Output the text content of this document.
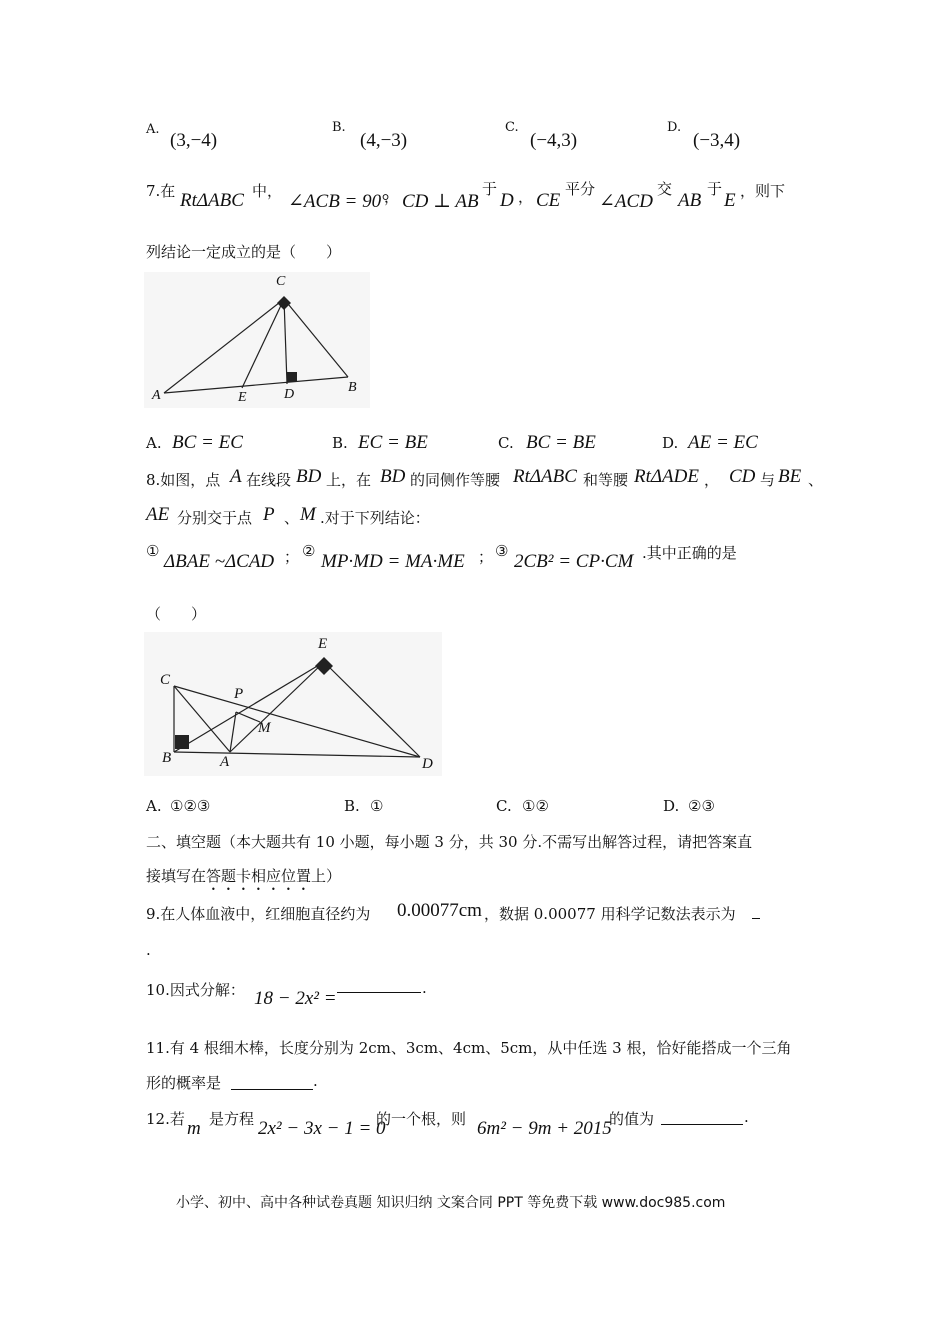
A.
(3,−4)
B.
(4,−3)
C.
(−4,3)
D.
(−3,4)
7.在 RtΔABC 中， ∠ACB = 90°
， CD ⊥ AB
于
D ， CE
平分
∠ACD
交
AB
于
E ，则下
列结论一定成立的是（　　）
C
A	E	D	B
A. BC = EC	B. EC = BE	C. BC = BE	D. AE = EC
8.如图，点 A 在线段 BD 上，在 BD 的同侧作等腰 RtΔABC 和等腰 RtΔADE ， CD 与 BE 、
AE 分别交于点 P 、 M .对于下列结论：
① ΔBAE ~ΔCAD ； ② MP·MD = MA·ME ； ③ 2CB² = CP·CM .其中正确的是
（　　）
C
P
E
M
B	A	D
A. ①②③	B. ①	C. ①②	D. ②③
二、填空题（本大题共有 10 小题，每小题 3 分，共 30 分.不需写出解答过程，请把答案直
接填写在答题卡相应位置上）
9.在人体血液中，红细胞直径约为 0.00077cm ，数据 0.00077 用科学记数法表示为
.
10.因式分解： 18 − 2x² =	.
11.有 4 根细木棒，长度分别为 2cm、3cm、4cm、5cm，从中任选 3 根，恰好能搭成一个三角
形的概率是	.
12.若 m 是方程 2x² − 3x − 1 = 0
的一个根，则 6m² − 9m + 2015
的值为	.
小学、初中、高中各种试卷真题 知识归纳 文案合同 PPT 等免费下载 www.doc985.com
